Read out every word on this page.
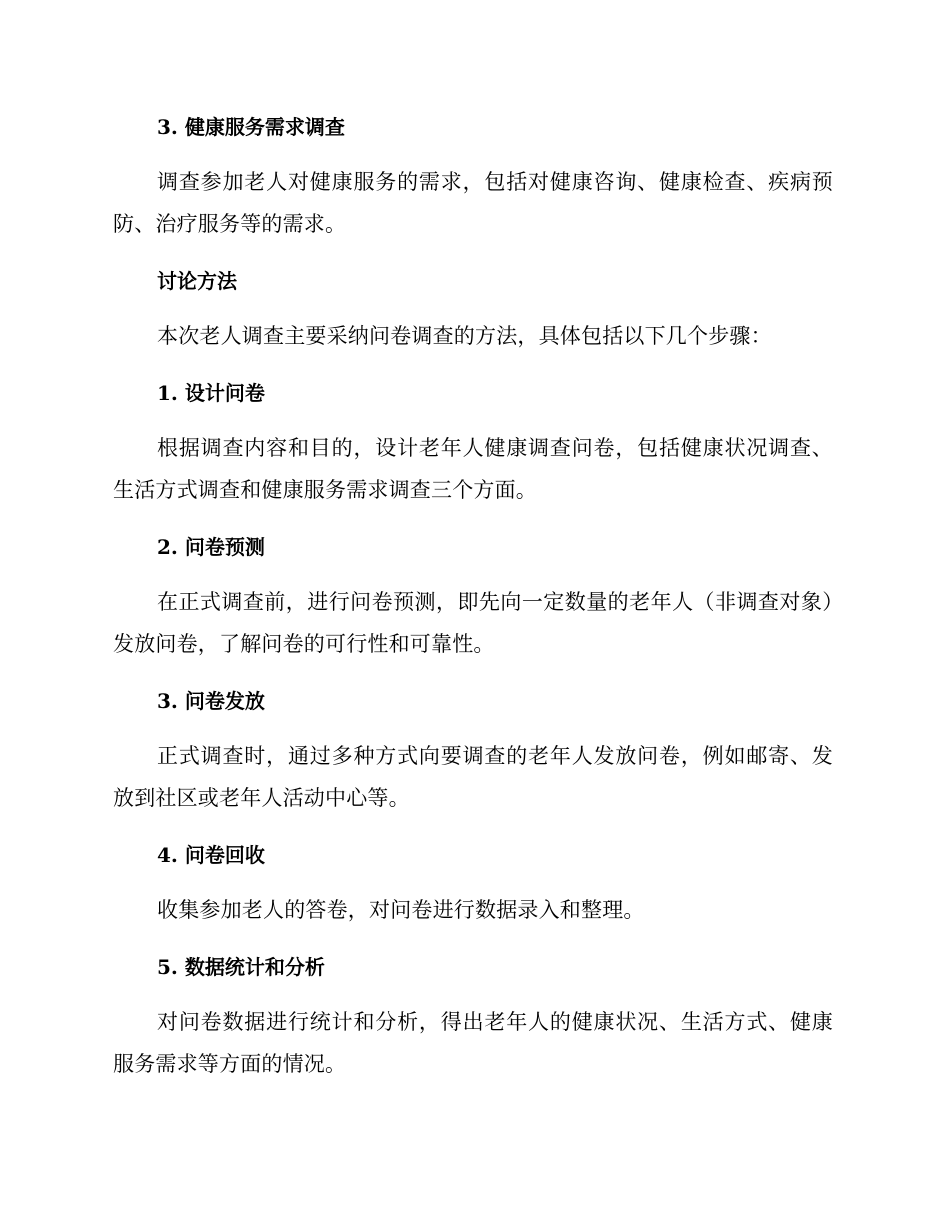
3. 健康服务需求调查

调查参加老人对健康服务的需求，包括对健康咨询、健康检查、疾病预防、治疗服务等的需求。

讨论方法

本次老人调查主要采纳问卷调查的方法，具体包括以下几个步骤：

1. 设计问卷

根据调查内容和目的，设计老年人健康调查问卷，包括健康状况调查、生活方式调查和健康服务需求调查三个方面。

2. 问卷预测

在正式调查前，进行问卷预测，即先向一定数量的老年人（非调查对象）发放问卷，了解问卷的可行性和可靠性。

3. 问卷发放

正式调查时，通过多种方式向要调查的老年人发放问卷，例如邮寄、发放到社区或老年人活动中心等。

4. 问卷回收

收集参加老人的答卷，对问卷进行数据录入和整理。

5. 数据统计和分析

对问卷数据进行统计和分析，得出老年人的健康状况、生活方式、健康服务需求等方面的情况。
